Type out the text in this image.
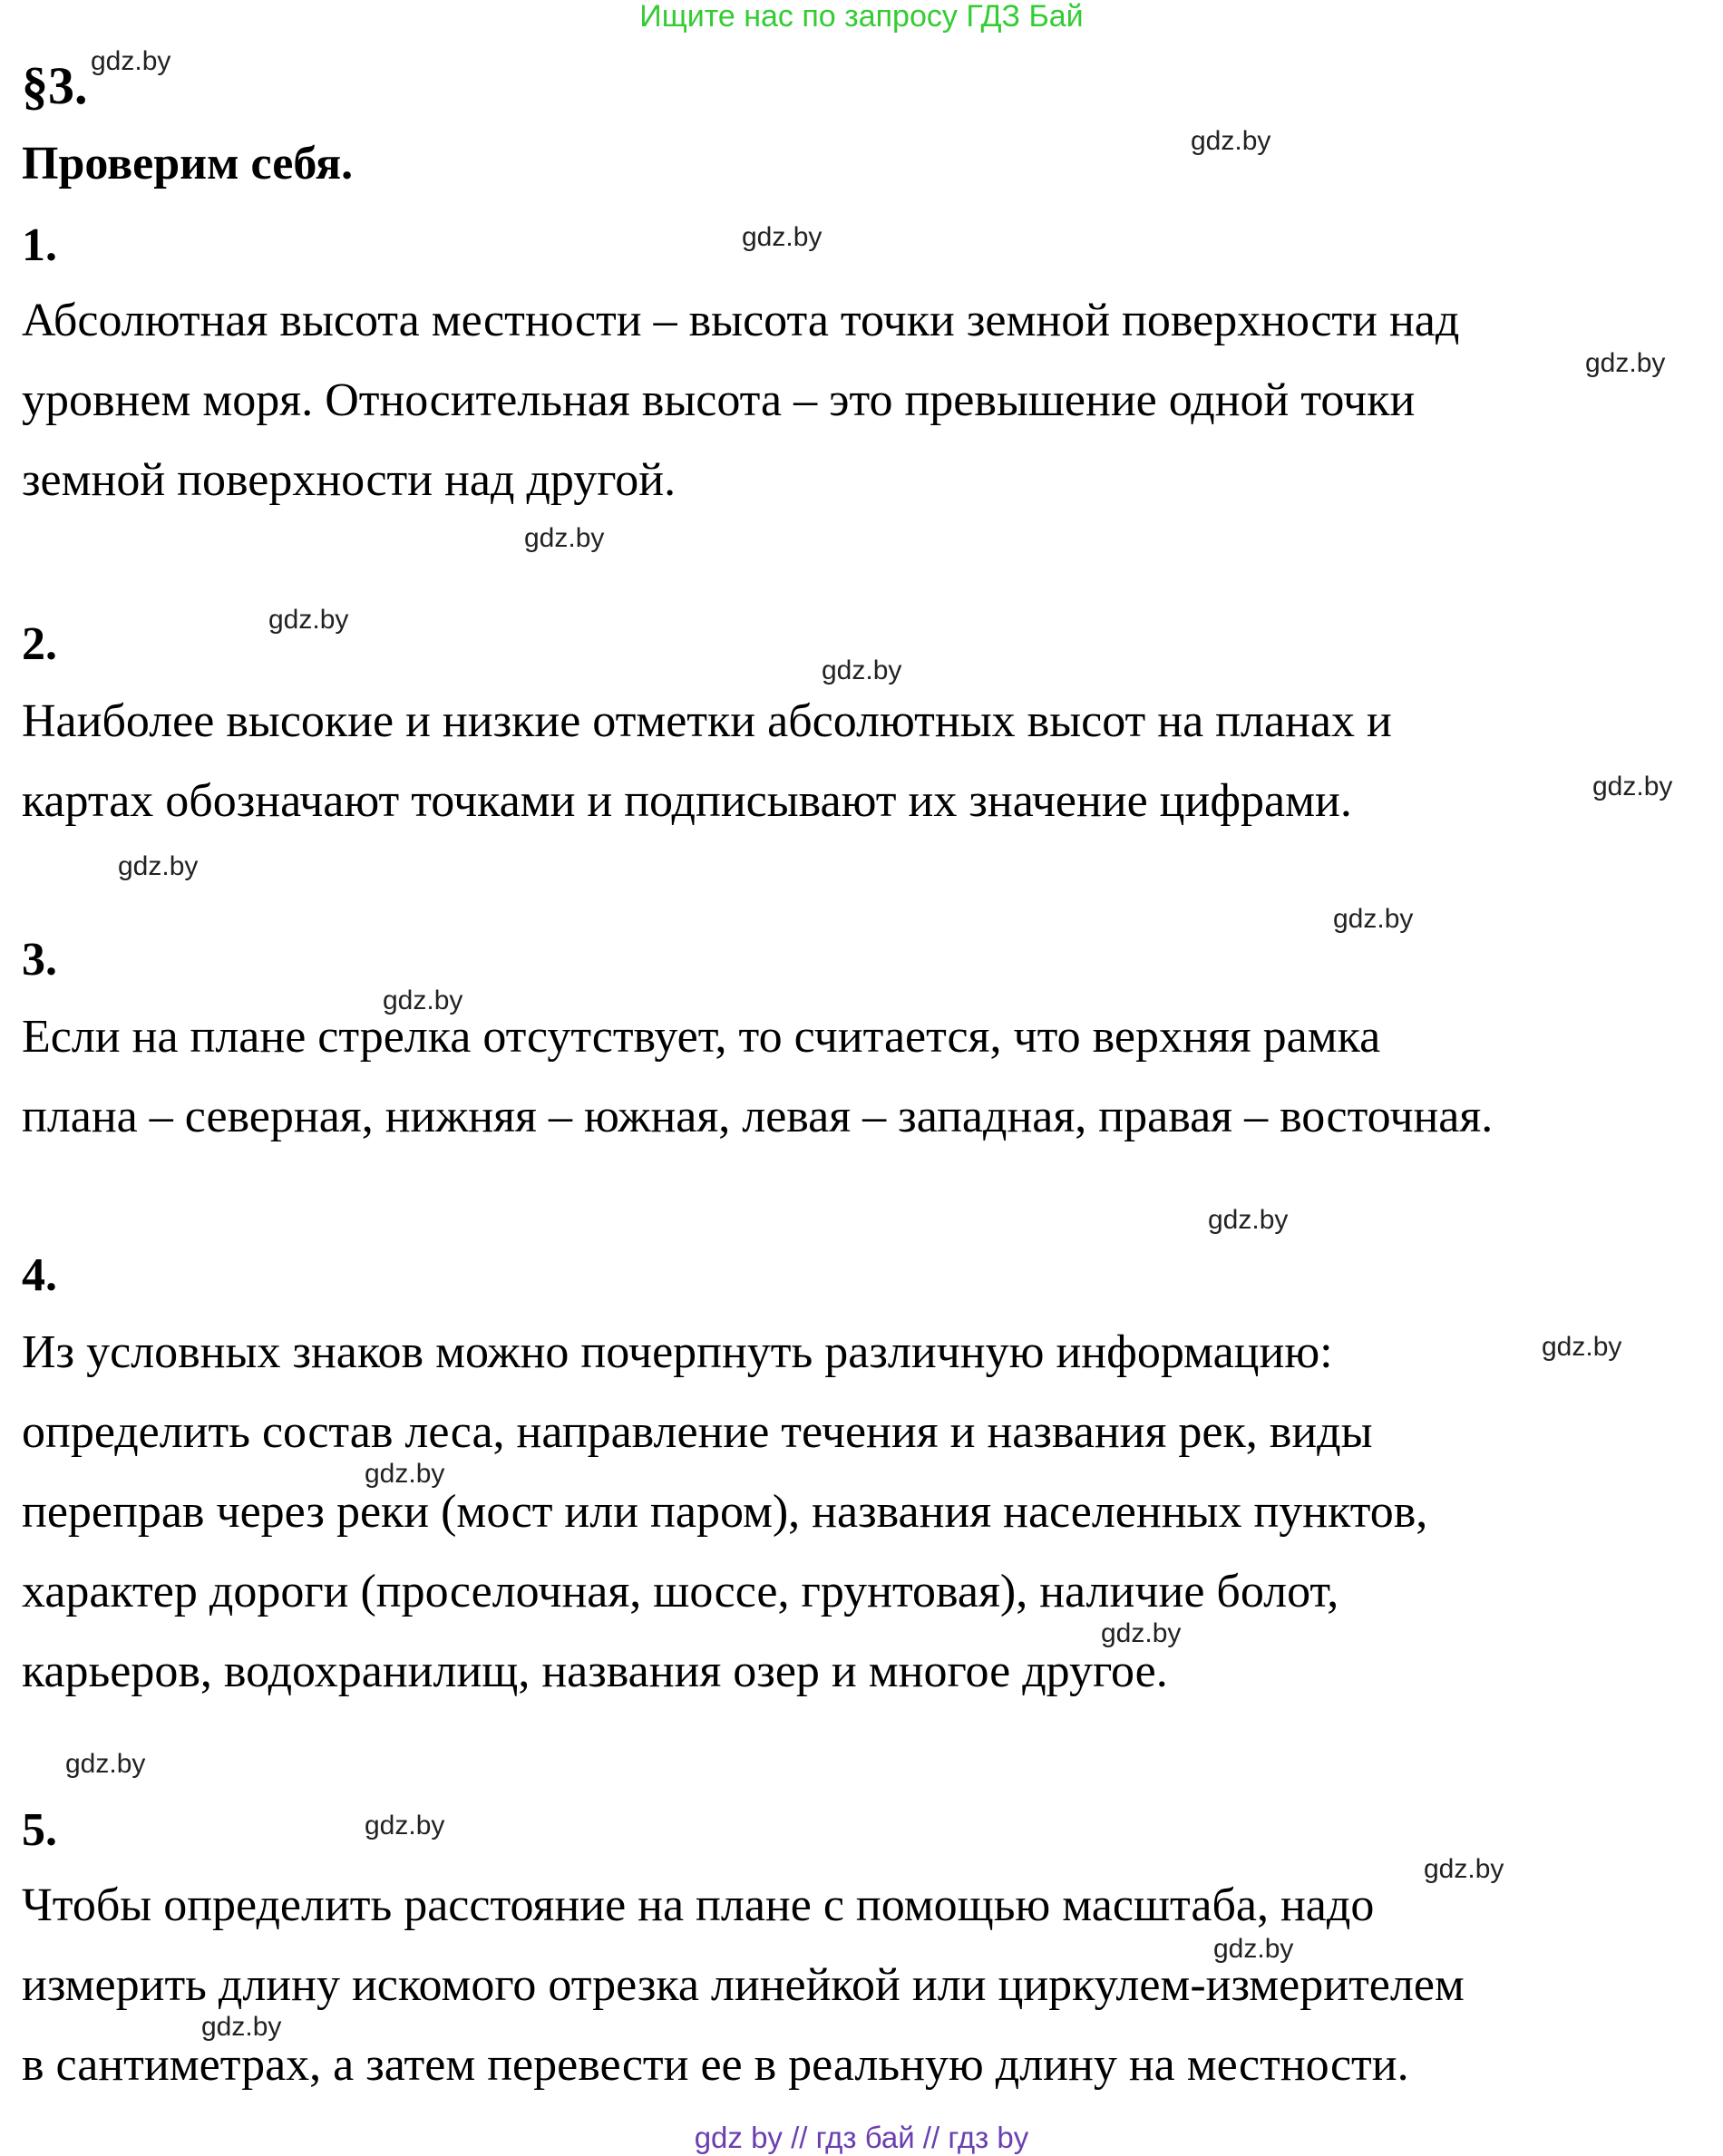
Ищите нас по запросу ГДЗ Бай
§3.
Проверим себя.
1.
Абсолютная высота местности – высота точки земной поверхности над
уровнем моря. Относительная высота – это превышение одной точки
земной поверхности над другой.
2.
Наиболее высокие и низкие отметки абсолютных высот на планах и
картах обозначают точками и подписывают их значение цифрами.
3.
Если на плане стрелка отсутствует, то считается, что верхняя рамка
плана – северная, нижняя – южная, левая – западная, правая – восточная.
4.
Из условных знаков можно почерпнуть различную информацию:
определить состав леса, направление течения и названия рек, виды
переправ через реки (мост или паром), названия населенных пунктов,
характер дороги (проселочная, шоссе, грунтовая), наличие болот,
карьеров, водохранилищ, названия озер и многое другое.
5.
Чтобы определить расстояние на плане с помощью масштаба, надо
измерить длину искомого отрезка линейкой или циркулем-измерителем
в сантиметрах, а затем перевести ее в реальную длину на местности.
gdz.by
gdz.by
gdz.by
gdz.by
gdz.by
gdz.by
gdz.by
gdz.by
gdz.by
gdz.by
gdz.by
gdz.by
gdz.by
gdz.by
gdz.by
gdz.by
gdz.by
gdz.by
gdz.by
gdz.by
gdz by // гдз бай // гдз by
